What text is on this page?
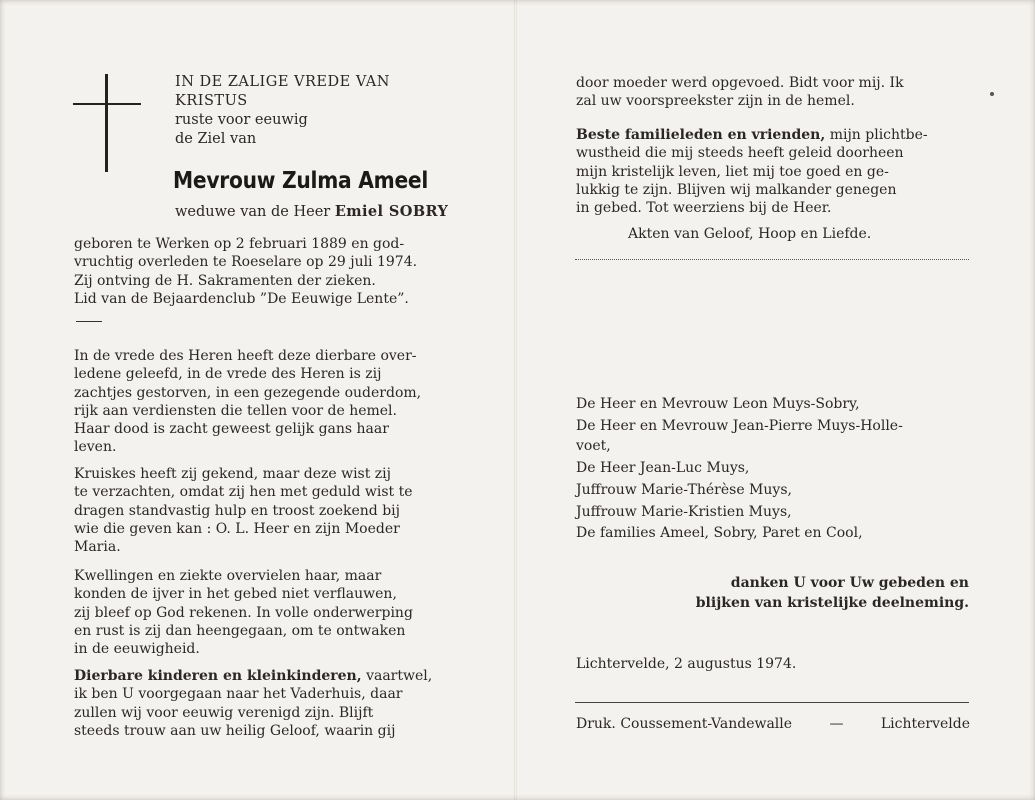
IN DE ZALIGE VREDE VAN
KRISTUS
ruste voor eeuwig
de Ziel van
Mevrouw Zulma Ameel
weduwe van de Heer Emiel SOBRY

geboren te Werken op 2 februari 1889 en god-

vruchtig overleden te Roeselare op 29 juli 1974.

Zij ontving de H. Sakramenten der zieken.

Lid van de Bejaardenclub ”De Eeuwige Lente”.

In de vrede des Heren heeft deze dierbare over-

ledene geleefd, in de vrede des Heren is zij

zachtjes gestorven, in een gezegende ouderdom,

rijk aan verdiensten die tellen voor de hemel.

Haar dood is zacht geweest gelijk gans haar

leven.

Kruiskes heeft zij gekend, maar deze wist zij

te verzachten, omdat zij hen met geduld wist te

dragen standvastig hulp en troost zoekend bij

wie die geven kan : O. L. Heer en zijn Moeder

Maria.

Kwellingen en ziekte overvielen haar, maar

konden de ijver in het gebed niet verflauwen,

zij bleef op God rekenen. In volle onderwerping

en rust is zij dan heengegaan, om te ontwaken

in de eeuwigheid.

Dierbare kinderen en kleinkinderen, vaartwel,

ik ben U voorgegaan naar het Vaderhuis, daar

zullen wij voor eeuwig verenigd zijn. Blijft

steeds trouw aan uw heilig Geloof, waarin gij

door moeder werd opgevoed. Bidt voor mij. Ik

zal uw voorspreekster zijn in de hemel.

Beste familieleden en vrienden, mijn plichtbe-

wustheid die mij steeds heeft geleid doorheen

mijn kristelijk leven, liet mij toe goed en ge-

lukkig te zijn. Blijven wij malkander genegen

in gebed. Tot weerziens bij de Heer.

Akten van Geloof, Hoop en Liefde.
De Heer en Mevrouw Leon Muys-Sobry,
De Heer en Mevrouw Jean-Pierre Muys-Holle-
voet,
De Heer Jean-Luc Muys,
Juffrouw Marie-Thérèse Muys,
Juffrouw Marie-Kristien Muys,
De families Ameel, Sobry, Paret en Cool,
danken U voor Uw gebeden en
blijken van kristelijke deelneming.
Lichtervelde, 2 augustus 1974.
Druk. Coussement-Vandewalle	—	Lichtervelde
